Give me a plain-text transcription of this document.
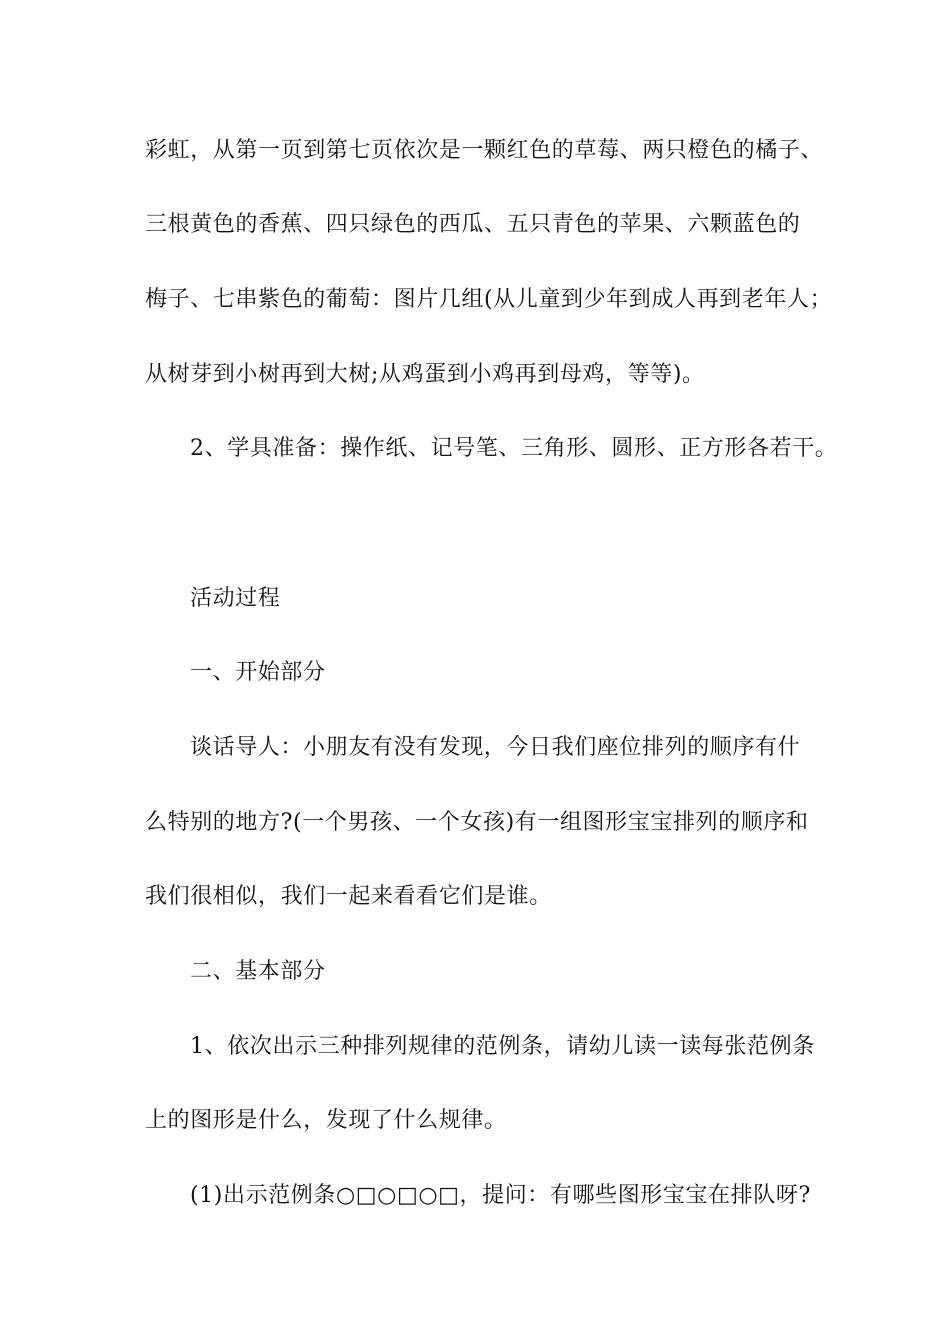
彩虹，从第一页到第七页依次是一颗红色的草莓、两只橙色的橘子、
三根黄色的香蕉、四只绿色的西瓜、五只青色的苹果、六颗蓝色的
梅子、七串紫色的葡萄：图片几组(从儿童到少年到成人再到老年人；
从树芽到小树再到大树;从鸡蛋到小鸡再到母鸡，等等)。
2、学具准备：操作纸、记号笔、三角形、圆形、正方形各若干。
活动过程
一、开始部分
谈话导人：小朋友有没有发现，今日我们座位排列的顺序有什
么特别的地方?(一个男孩、一个女孩)有一组图形宝宝排列的顺序和
我们很相似，我们一起来看看它们是谁。
二、基本部分
1、依次出示三种排列规律的范例条，请幼儿读一读每张范例条
上的图形是什么，发现了什么规律。
(1)出示范例条○□○□○□，提问：有哪些图形宝宝在排队呀?
